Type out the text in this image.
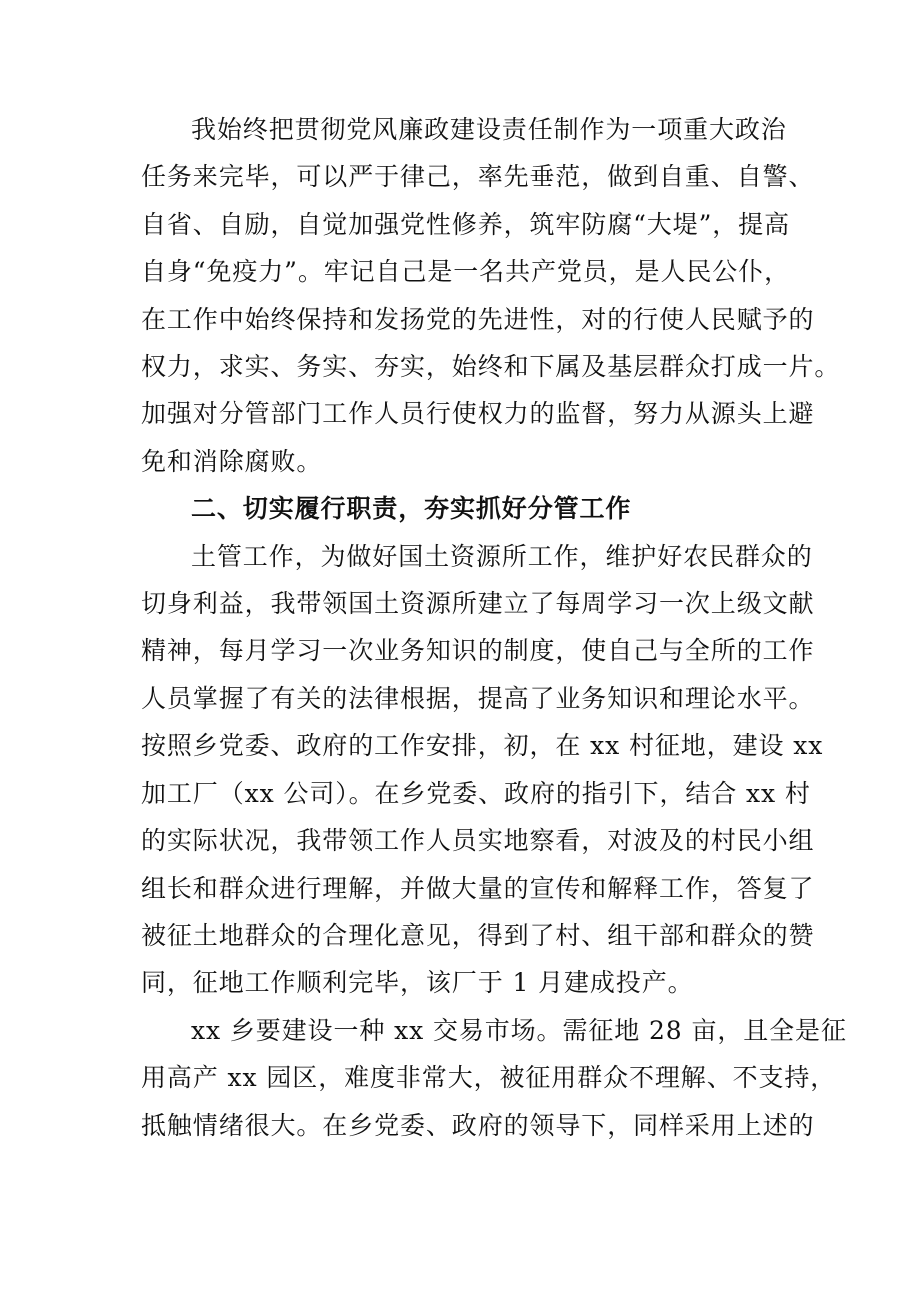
我始终把贯彻党风廉政建设责任制作为一项重大政治
任务来完毕，可以严于律己，率先垂范，做到自重、自警、
自省、自励，自觉加强党性修养，筑牢防腐“大堤”，提高
自身“免疫力”。牢记自己是一名共产党员，是人民公仆，
在工作中始终保持和发扬党的先进性，对的行使人民赋予的
权力，求实、务实、夯实，始终和下属及基层群众打成一片。
加强对分管部门工作人员行使权力的监督，努力从源头上避
免和消除腐败。

二、切实履行职责，夯实抓好分管工作

土管工作，为做好国土资源所工作，维护好农民群众的
切身利益，我带领国土资源所建立了每周学习一次上级文献
精神，每月学习一次业务知识的制度，使自己与全所的工作
人员掌握了有关的法律根据，提高了业务知识和理论水平。
按照乡党委、政府的工作安排，初，在 xx 村征地，建设 xx
加工厂（xx 公司）。在乡党委、政府的指引下，结合 xx 村
的实际状况，我带领工作人员实地察看，对波及的村民小组
组长和群众进行理解，并做大量的宣传和解释工作，答复了
被征土地群众的合理化意见，得到了村、组干部和群众的赞
同，征地工作顺利完毕，该厂于 1 月建成投产。

xx 乡要建设一种 xx 交易市场。需征地 28 亩，且全是征
用高产 xx 园区，难度非常大，被征用群众不理解、不支持，
抵触情绪很大。在乡党委、政府的领导下，同样采用上述的
